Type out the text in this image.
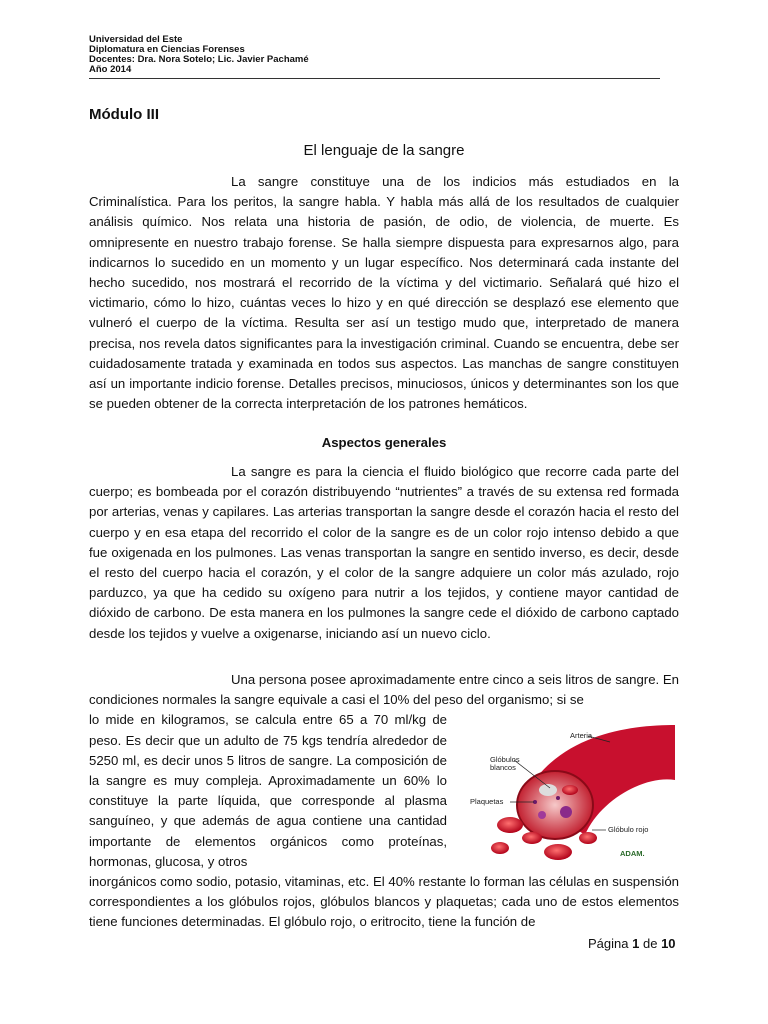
Universidad del Este
Diplomatura en Ciencias Forenses
Docentes: Dra. Nora Sotelo; Lic. Javier Pachamé
Año 2014
Módulo III
El lenguaje de la sangre

La sangre constituye una de los indicios más estudiados en la Criminalística. Para los peritos, la sangre habla. Y habla más allá de los resultados de cualquier análisis químico. Nos relata una historia de pasión, de odio, de violencia, de muerte. Es omnipresente en nuestro trabajo forense. Se halla siempre dispuesta para expresarnos algo, para indicarnos lo sucedido en un momento y un lugar específico. Nos determinará cada instante del hecho sucedido, nos mostrará el recorrido de la víctima y del victimario. Señalará qué hizo el victimario, cómo lo hizo, cuántas veces lo hizo y en qué dirección se desplazó ese elemento que vulneró el cuerpo de la víctima. Resulta ser así un testigo mudo que, interpretado de manera precisa, nos revela datos significantes para la investigación criminal. Cuando se encuentra, debe ser cuidadosamente tratada y examinada en todos sus aspectos. Las manchas de sangre constituyen así un importante indicio forense. Detalles precisos, minuciosos, únicos y determinantes son los que se pueden obtener de la correcta interpretación de los patrones hemáticos.

Aspectos generales

La sangre es para la ciencia el fluido biológico que recorre cada parte del cuerpo; es bombeada por el corazón distribuyendo “nutrientes” a través de su extensa red formada por arterias, venas y capilares. Las arterias transportan la sangre desde el corazón hacia el resto del cuerpo y en esa etapa del recorrido el color de la sangre es de un color rojo intenso debido a que fue oxigenada en los pulmones. Las venas transportan la sangre en sentido inverso, es decir, desde el resto del cuerpo hacia el corazón, y el color de la sangre adquiere un color más azulado, rojo parduzco, ya que ha cedido su oxígeno para nutrir a los tejidos, y contiene mayor cantidad de dióxido de carbono. De esta manera en los pulmones la sangre cede el dióxido de carbono captado desde los tejidos y vuelve a oxigenarse, iniciando así un nuevo ciclo.

Una persona posee aproximadamente entre cinco a seis litros de sangre. En condiciones normales la sangre equivale a casi el 10% del peso del organismo; si se

lo mide en kilogramos, se calcula entre 65 a 70 ml/kg de peso. Es decir que un adulto de 75 kgs tendría alrededor de 5250 ml, es decir unos 5 litros de sangre. La composición de la sangre es muy compleja. Aproximadamente un 60% lo constituye la parte líquida, que corresponde al plasma sanguíneo, y que además de agua contiene una cantidad importante de elementos orgánicos como proteínas, hormonas, glucosa, y otros

inorgánicos como sodio, potasio, vitaminas, etc. El 40% restante lo forman las células en suspensión correspondientes a los glóbulos rojos, glóbulos blancos y plaquetas; cada uno de estos elementos tiene funciones determinadas. El glóbulo rojo, o eritrocito, tiene la función de

Arteria
Glóbulos blancos
Plaquetas
Glóbulo rojo
ADAM.
Página 1 de 10
